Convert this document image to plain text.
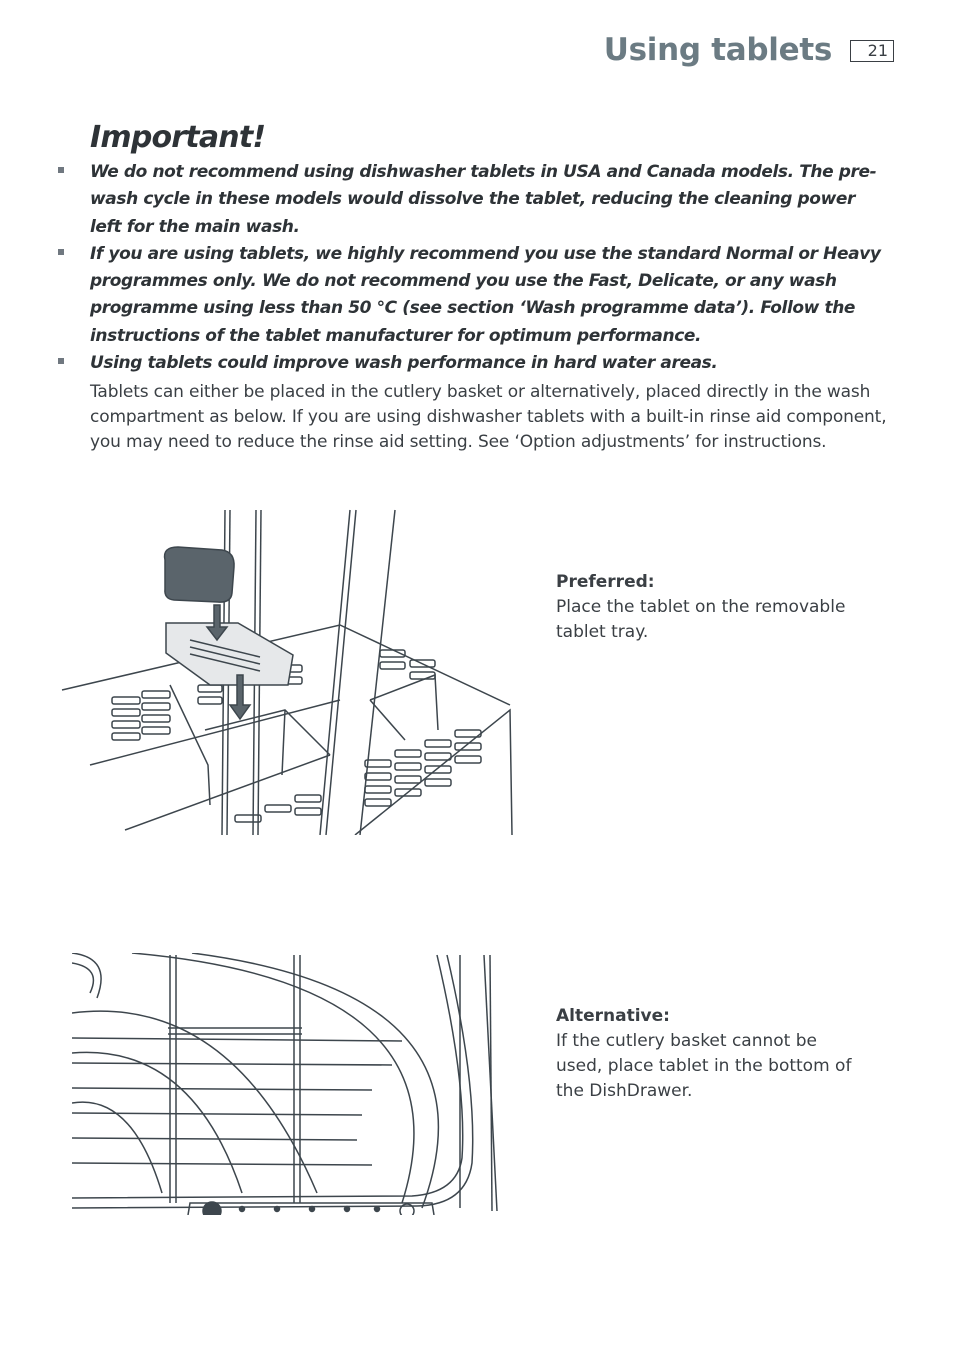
Using tablets	21
Important!
We do not recommend using dishwasher tablets in USA and Canada models. The pre-wash cycle in these models would dissolve the tablet, reducing the cleaning power left for the main wash.
If you are using tablets, we highly recommend you use the standard Normal or Heavy programmes only. We do not recommend you use the Fast, Delicate, or any wash programme using less than 50 °C (see section ‘Wash programme data’). Follow the instructions of the tablet manufacturer for optimum performance.
Using tablets could improve wash performance in hard water areas.
Tablets can either be placed in the cutlery basket or alternatively, placed directly in the wash compartment as below. If you are using dishwasher tablets with a built-in rinse aid component, you may need to reduce the rinse aid setting. See ‘Option adjustments’ for instructions.
Preferred:
Place the tablet on the removable tablet tray.
Alternative:
If the cutlery basket cannot be used, place tablet in the bottom of the DishDrawer.
